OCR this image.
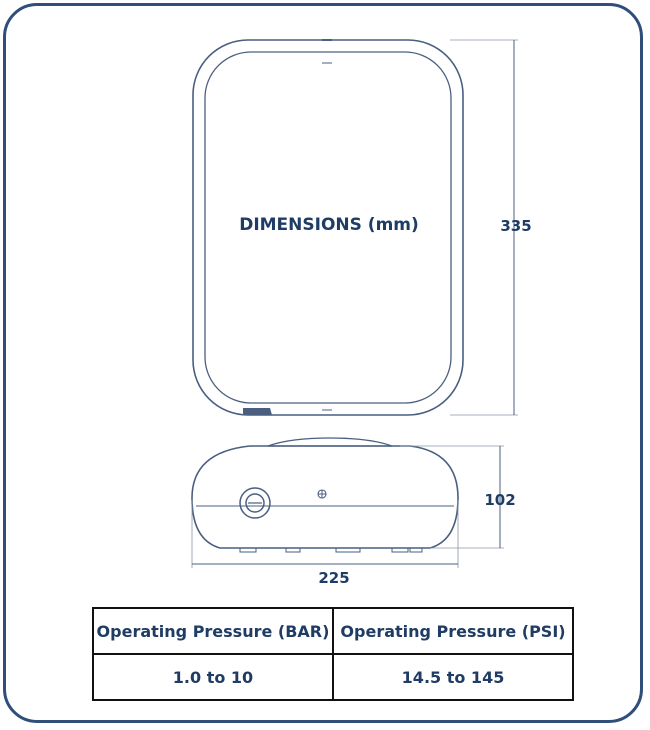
DIMENSIONS (mm)	335
102
225
Operating Pressure (BAR)	Operating Pressure (PSI)
1.0 to 10	14.5 to 145
